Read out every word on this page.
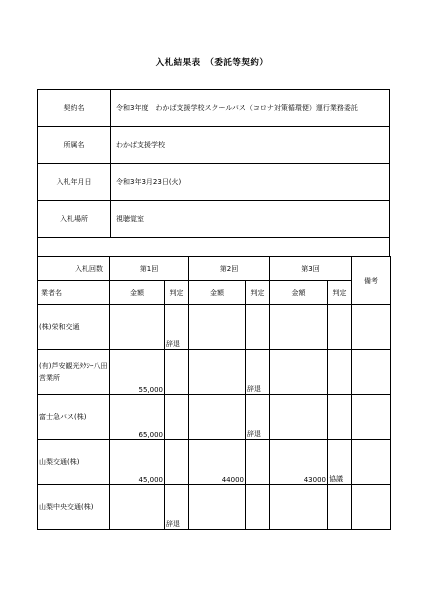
入札結果表　（委託等契約）
契約名	令和3年度　わかば支援学校スクールバス（コロナ対策循環便）運行業務委託
所属名	わかば支援学校
入札年月日	令和3年3月23日(火)
入札場所	視聴覚室
入札回数	第1回		第2回		第3回		備考
業者名	金額	判定	金額	判定	金額	判定	
(株)栄和交通		辞退					
(有)芦安観光ﾀｸｼｰ八田営業所	55,000			辞退			
富士急バス(株)	65,000			辞退			
山梨交通(株)	45,000		44000		43000	協議	
山梨中央交通(株)		辞退					
